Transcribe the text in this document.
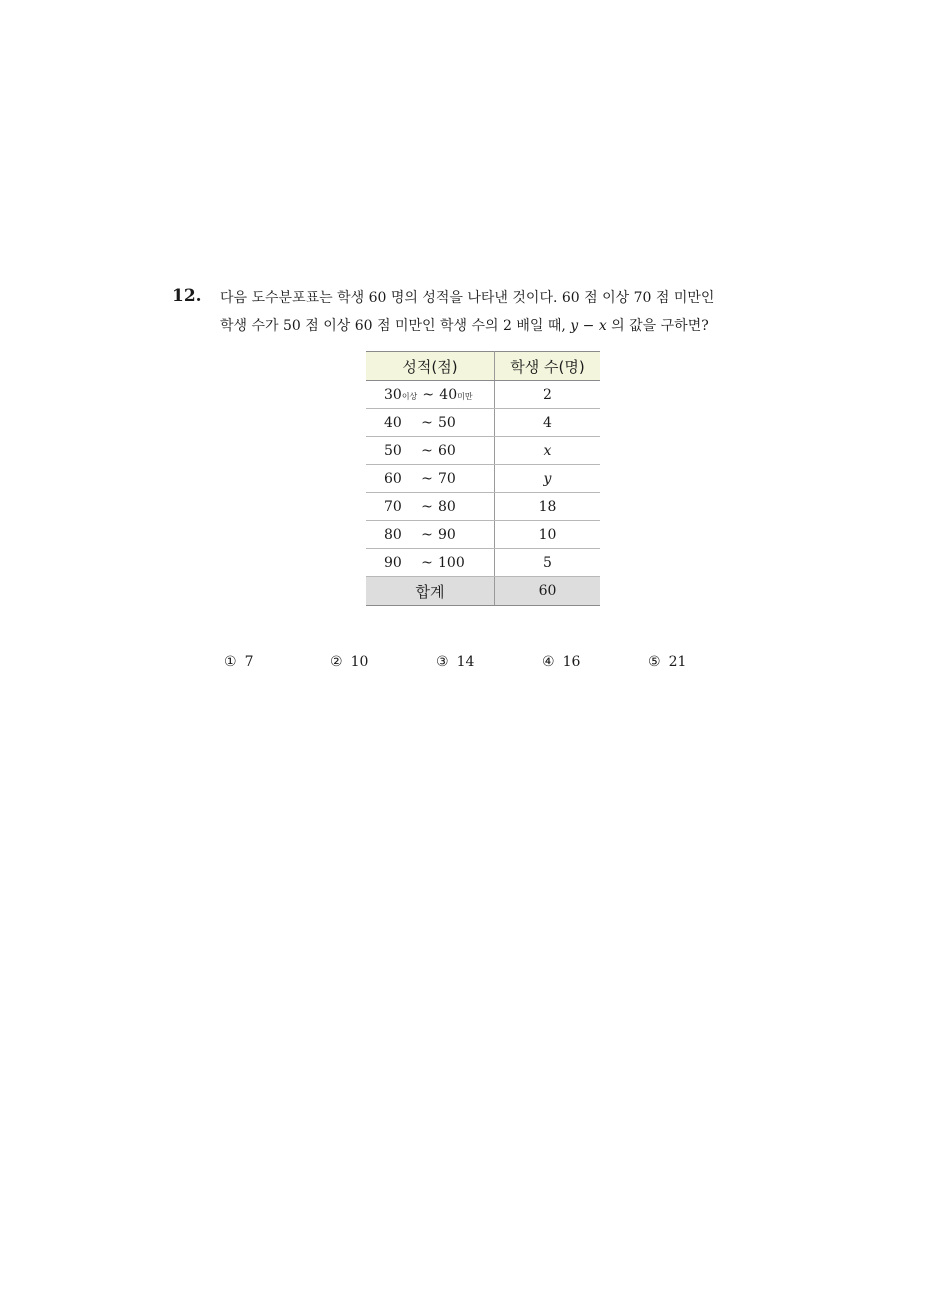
12. 다음 도수분포표는 학생 60 명의 성적을 나타낸 것이다. 60 점 이상 70 점 미만인
학생 수가 50 점 이상 60 점 미만인 학생 수의 2 배일 때, y − x 의 값을 구하면?
성적(점)	학생 수(명)

30 이상 ~ 40 미만	2

40 ~ 50	4

50 ~ 60	x

60 ~ 70	y

70 ~ 80	18

80 ~ 90	10

90 ~ 100	5
합계	60
① 7	② 10	③ 14	④ 16	⑤ 21
